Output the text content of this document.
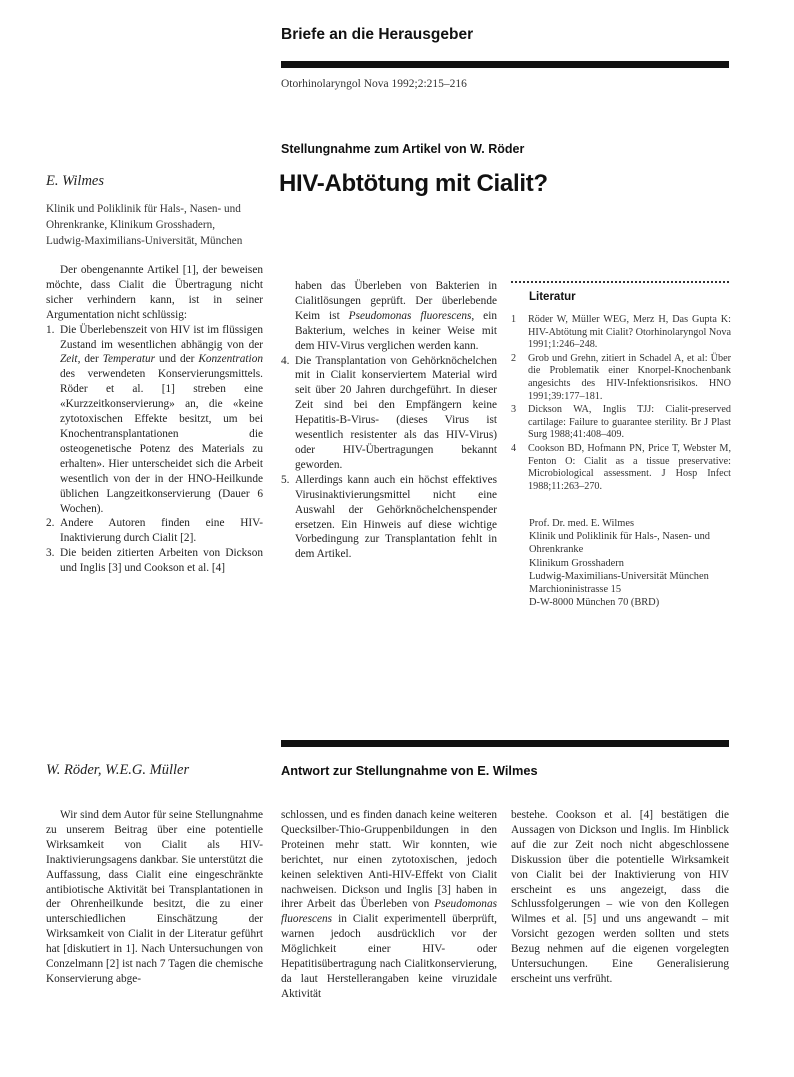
Briefe an die Herausgeber
Otorhinolaryngol Nova 1992;2:215–216
Stellungnahme zum Artikel von W. Röder
HIV-Abtötung mit Cialit?
E. Wilmes
Klinik und Poliklinik für Hals-, Nasen- und
Ohrenkranke, Klinikum Grosshadern,
Ludwig-Maximilians-Universität, München

Der obengenannte Artikel [1], der beweisen möchte, dass Cialit die Übertragung nicht sicher verhindern kann, ist in seiner Argumentation nicht schlüssig:

1. Die Überlebenszeit von HIV ist im flüssigen Zustand im wesentlichen abhängig von der Zeit, der Temperatur und der Konzentration des verwendeten Konservierungsmittels. Röder et al. [1] streben eine «Kurzzeitkonservierung» an, die «keine zytotoxischen Effekte besitzt, um bei Knochentransplantationen die osteogenetische Potenz des Materials zu erhalten». Hier unterscheidet sich die Arbeit wesentlich von der in der HNO-Heilkunde üblichen Langzeitkonservierung (Dauer 6 Wochen).
2. Andere Autoren finden eine HIV-Inaktivierung durch Cialit [2].
3. Die beiden zitierten Arbeiten von Dickson und Inglis [3] und Cookson et al. [4]
haben das Überleben von Bakterien in Cialitlösungen geprüft. Der überlebende Keim ist Pseudomonas fluorescens, ein Bakterium, welches in keiner Weise mit dem HIV-Virus verglichen werden kann.
4. Die Transplantation von Gehörknöchelchen mit in Cialit konserviertem Material wird seit über 20 Jahren durchgeführt. In dieser Zeit sind bei den Empfängern keine Hepatitis-B-Virus- (dieses Virus ist wesentlich resistenter als das HIV-Virus) oder HIV-Übertragungen bekannt geworden.
5. Allerdings kann auch ein höchst effektives Virusinaktivierungsmittel nicht eine Auswahl der Gehörknöchelchenspender ersetzen. Ein Hinweis auf diese wichtige Vorbedingung zur Transplantation fehlt in dem Artikel.
Literatur
1 Röder W, Müller WEG, Merz H, Das Gupta K: HIV-Abtötung mit Cialit? Otorhinolaryngol Nova 1991;1:246–248.
2 Grob und Grehn, zitiert in Schadel A, et al: Über die Problematik einer Knorpel-Knochenbank angesichts des HIV-Infektionsrisikos. HNO 1991;39:177–181.
3 Dickson WA, Inglis TJJ: Cialit-preserved cartilage: Failure to guarantee sterility. Br J Plast Surg 1988;41:408–409.
4 Cookson BD, Hofmann PN, Price T, Webster M, Fenton O: Cialit as a tissue preservative: Microbiological assessment. J Hosp Infect 1988;11:263–270.
Prof. Dr. med. E. Wilmes
Klinik und Poliklinik für Hals-, Nasen- und
Ohrenkranke
Klinikum Grosshadern
Ludwig-Maximilians-Universität München
Marchioninistrasse 15
D-W-8000 München 70 (BRD)
W. Röder, W.E.G. Müller	Antwort zur Stellungnahme von E. Wilmes

Wir sind dem Autor für seine Stellungnahme zu unserem Beitrag über eine potentielle Wirksamkeit von Cialit als HIV-Inaktivierungsagens dankbar. Sie unterstützt die Auffassung, dass Cialit eine eingeschränkte antibiotische Aktivität bei Transplantationen in der Ohrenheilkunde besitzt, die zu einer unterschiedlichen Einschätzung der Wirksamkeit von Cialit in der Literatur geführt hat [diskutiert in 1]. Nach Untersuchungen von Conzelmann [2] ist nach 7 Tagen die chemische Konservierung abge-

schlossen, und es finden danach keine weiteren Quecksilber-Thio-Gruppenbildungen in den Proteinen mehr statt. Wir konnten, wie berichtet, nur einen zytotoxischen, jedoch keinen selektiven Anti-HIV-Effekt von Cialit nachweisen. Dickson und Inglis [3] haben in ihrer Arbeit das Überleben von Pseudomonas fluorescens in Cialit experimentell überprüft, warnen jedoch ausdrücklich vor der Möglichkeit einer HIV- oder Hepatitisübertragung nach Cialitkonservierung, da laut Herstellerangaben keine viruzidale Aktivität
bestehe. Cookson et al. [4] bestätigen die Aussagen von Dickson und Inglis. Im Hinblick auf die zur Zeit noch nicht abgeschlossene Diskussion über die potentielle Wirksamkeit von Cialit bei der Inaktivierung von HIV erscheint es uns angezeigt, dass die Schlussfolgerungen – wie von den Kollegen Wilmes et al. [5] und uns angewandt – mit Vorsicht gezogen werden sollten und stets Bezug nehmen auf die eigenen vorgelegten Untersuchungen. Eine Generalisierung erscheint uns verfrüht.
